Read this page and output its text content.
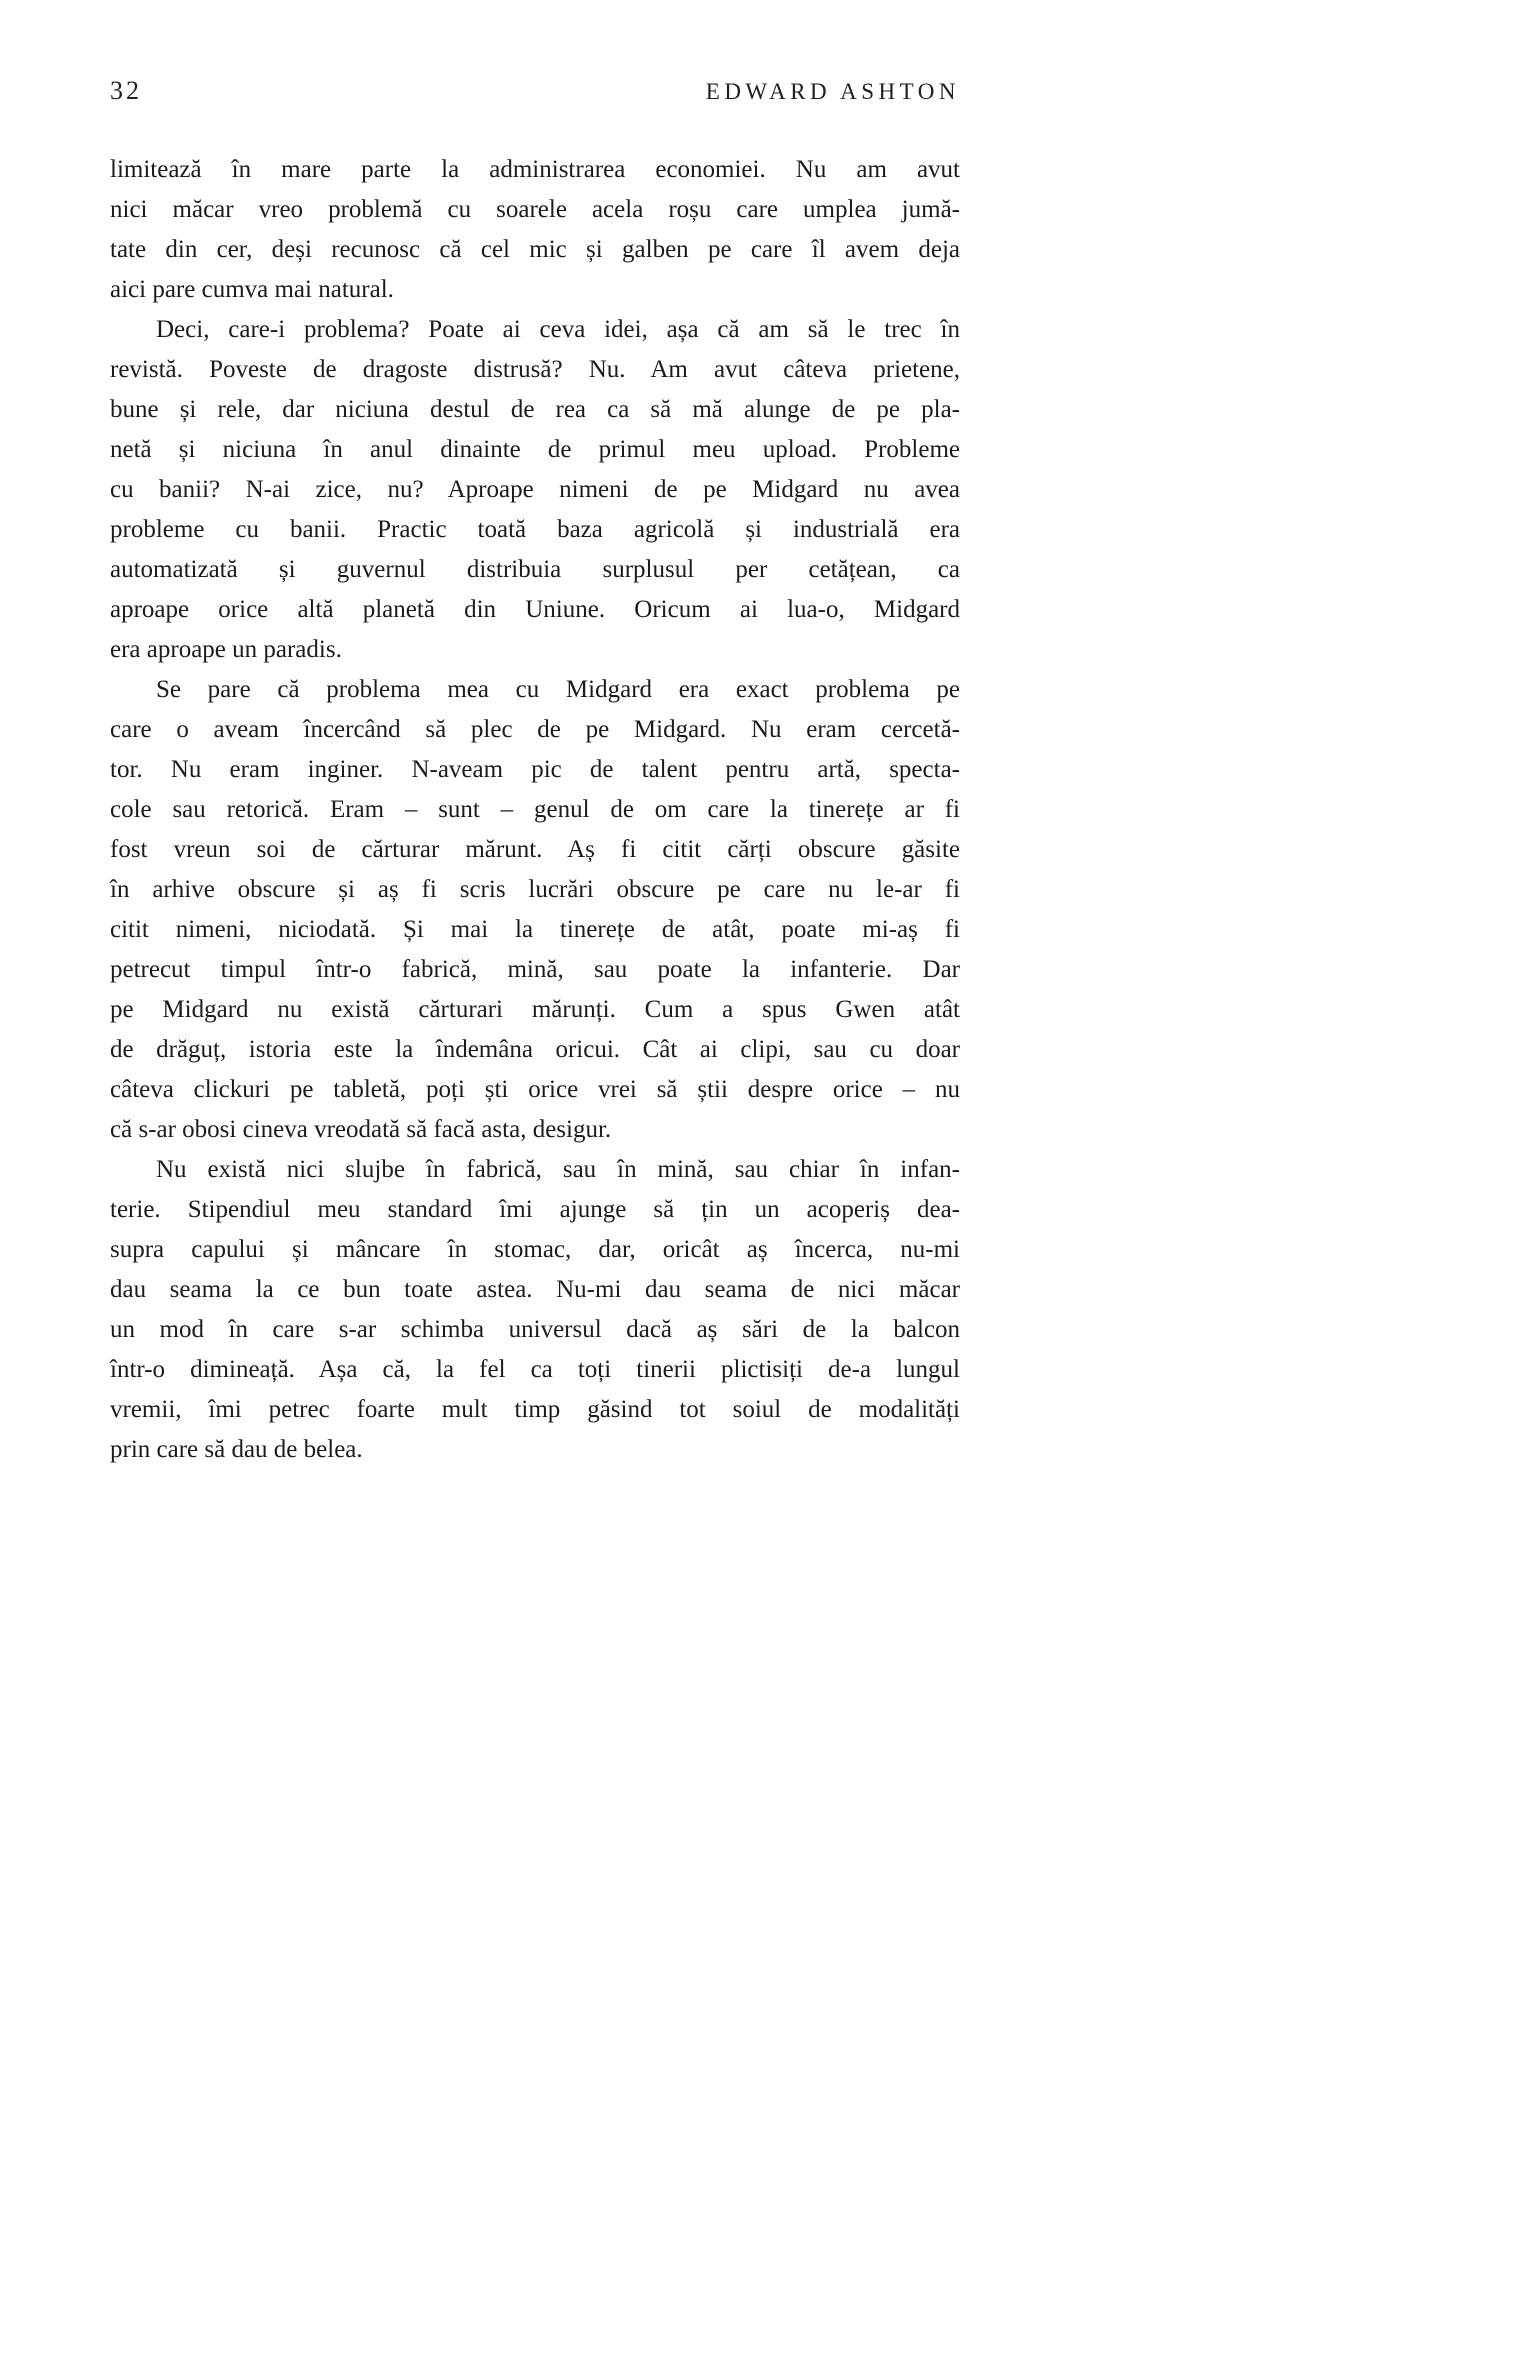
32	EDWARD ASHTON
limitează în mare parte la administrarea economiei. Nu am avut
nici măcar vreo problemă cu soarele acela roșu care umplea jumă-
tate din cer, deși recunosc că cel mic și galben pe care îl avem deja
aici pare cumva mai natural.
Deci, care-i problema? Poate ai ceva idei, așa că am să le trec în
revistă. Poveste de dragoste distrusă? Nu. Am avut câteva prietene,
bune și rele, dar niciuna destul de rea ca să mă alunge de pe pla-
netă și niciuna în anul dinainte de primul meu upload. Probleme
cu banii? N-ai zice, nu? Aproape nimeni de pe Midgard nu avea
probleme cu banii. Practic toată baza agricolă și industrială era
automatizată și guvernul distribuia surplusul per cetățean, ca
aproape orice altă planetă din Uniune. Oricum ai lua-o, Midgard
era aproape un paradis.
Se pare că problema mea cu Midgard era exact problema pe
care o aveam încercând să plec de pe Midgard. Nu eram cercetă-
tor. Nu eram inginer. N-aveam pic de talent pentru artă, specta-
cole sau retorică. Eram – sunt – genul de om care la tinerețe ar fi
fost vreun soi de cărturar mărunt. Aș fi citit cărți obscure găsite
în arhive obscure și aș fi scris lucrări obscure pe care nu le-ar fi
citit nimeni, niciodată. Și mai la tinerețe de atât, poate mi-aș fi
petrecut timpul într-o fabrică, mină, sau poate la infanterie. Dar
pe Midgard nu există cărturari mărunți. Cum a spus Gwen atât
de drăguț, istoria este la îndemâna oricui. Cât ai clipi, sau cu doar
câteva clickuri pe tabletă, poți ști orice vrei să știi despre orice – nu
că s-ar obosi cineva vreodată să facă asta, desigur.
Nu există nici slujbe în fabrică, sau în mină, sau chiar în infan-
terie. Stipendiul meu standard îmi ajunge să țin un acoperiș dea-
supra capului și mâncare în stomac, dar, oricât aș încerca, nu-mi
dau seama la ce bun toate astea. Nu-mi dau seama de nici măcar
un mod în care s-ar schimba universul dacă aș sări de la balcon
într-o dimineață. Așa că, la fel ca toți tinerii plictisiți de-a lungul
vremii, îmi petrec foarte mult timp găsind tot soiul de modalități
prin care să dau de belea.
